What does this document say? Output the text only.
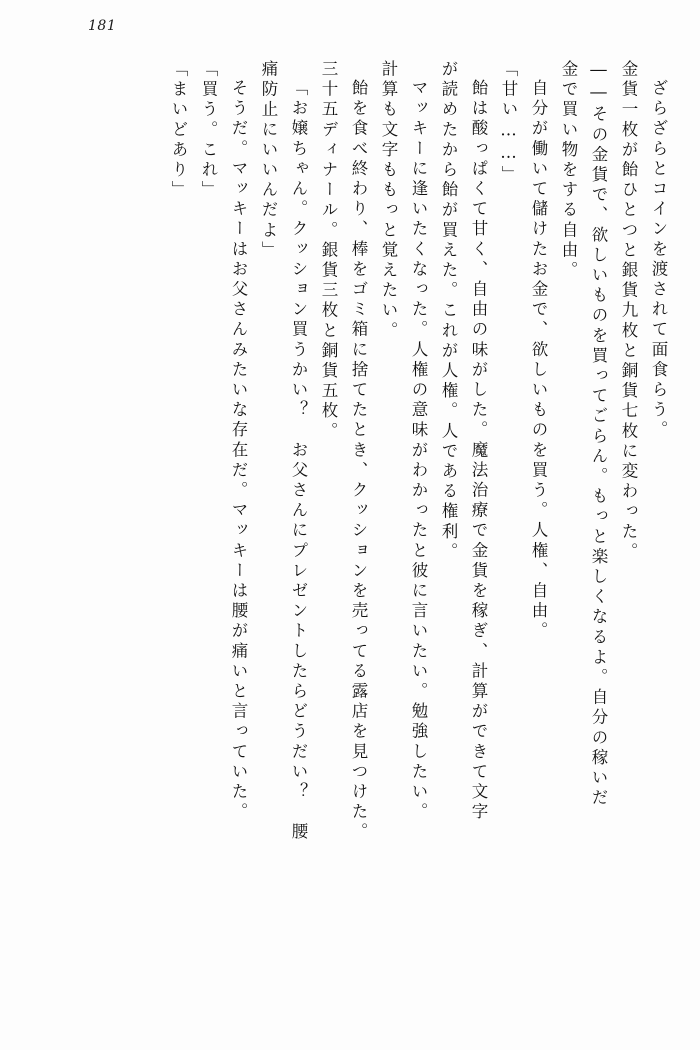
181
ざらざらとコインを渡されて面食らう。
金貨一枚が飴ひとつと銀貨九枚と銅貨七枚に変わった。
――その金貨で、欲しいものを買ってごらん。もっと楽しくなるよ。自分の稼いだ
金で買い物をする自由。
自分が働いて儲けたお金で、欲しいものを買う。人権、自由。
「甘い……」
飴は酸っぱくて甘く、自由の味がした。魔法治療で金貨を稼ぎ、計算ができて文字
が読めたから飴が買えた。これが人権。人である権利。
マッキーに逢いたくなった。人権の意味がわかったと彼に言いたい。勉強したい。
計算も文字ももっと覚えたい。
飴を食べ終わり、棒をゴミ箱に捨てたとき、クッションを売ってる露店を見つけた。
三十五ディナール。銀貨三枚と銅貨五枚。
「お嬢ちゃん。クッション買うかい？　お父さんにプレゼントしたらどうだい？　腰
痛防止にいいんだよ」
そうだ。マッキーはお父さんみたいな存在だ。マッキーは腰が痛いと言っていた。
「買う。これ」
「まいどあり」
